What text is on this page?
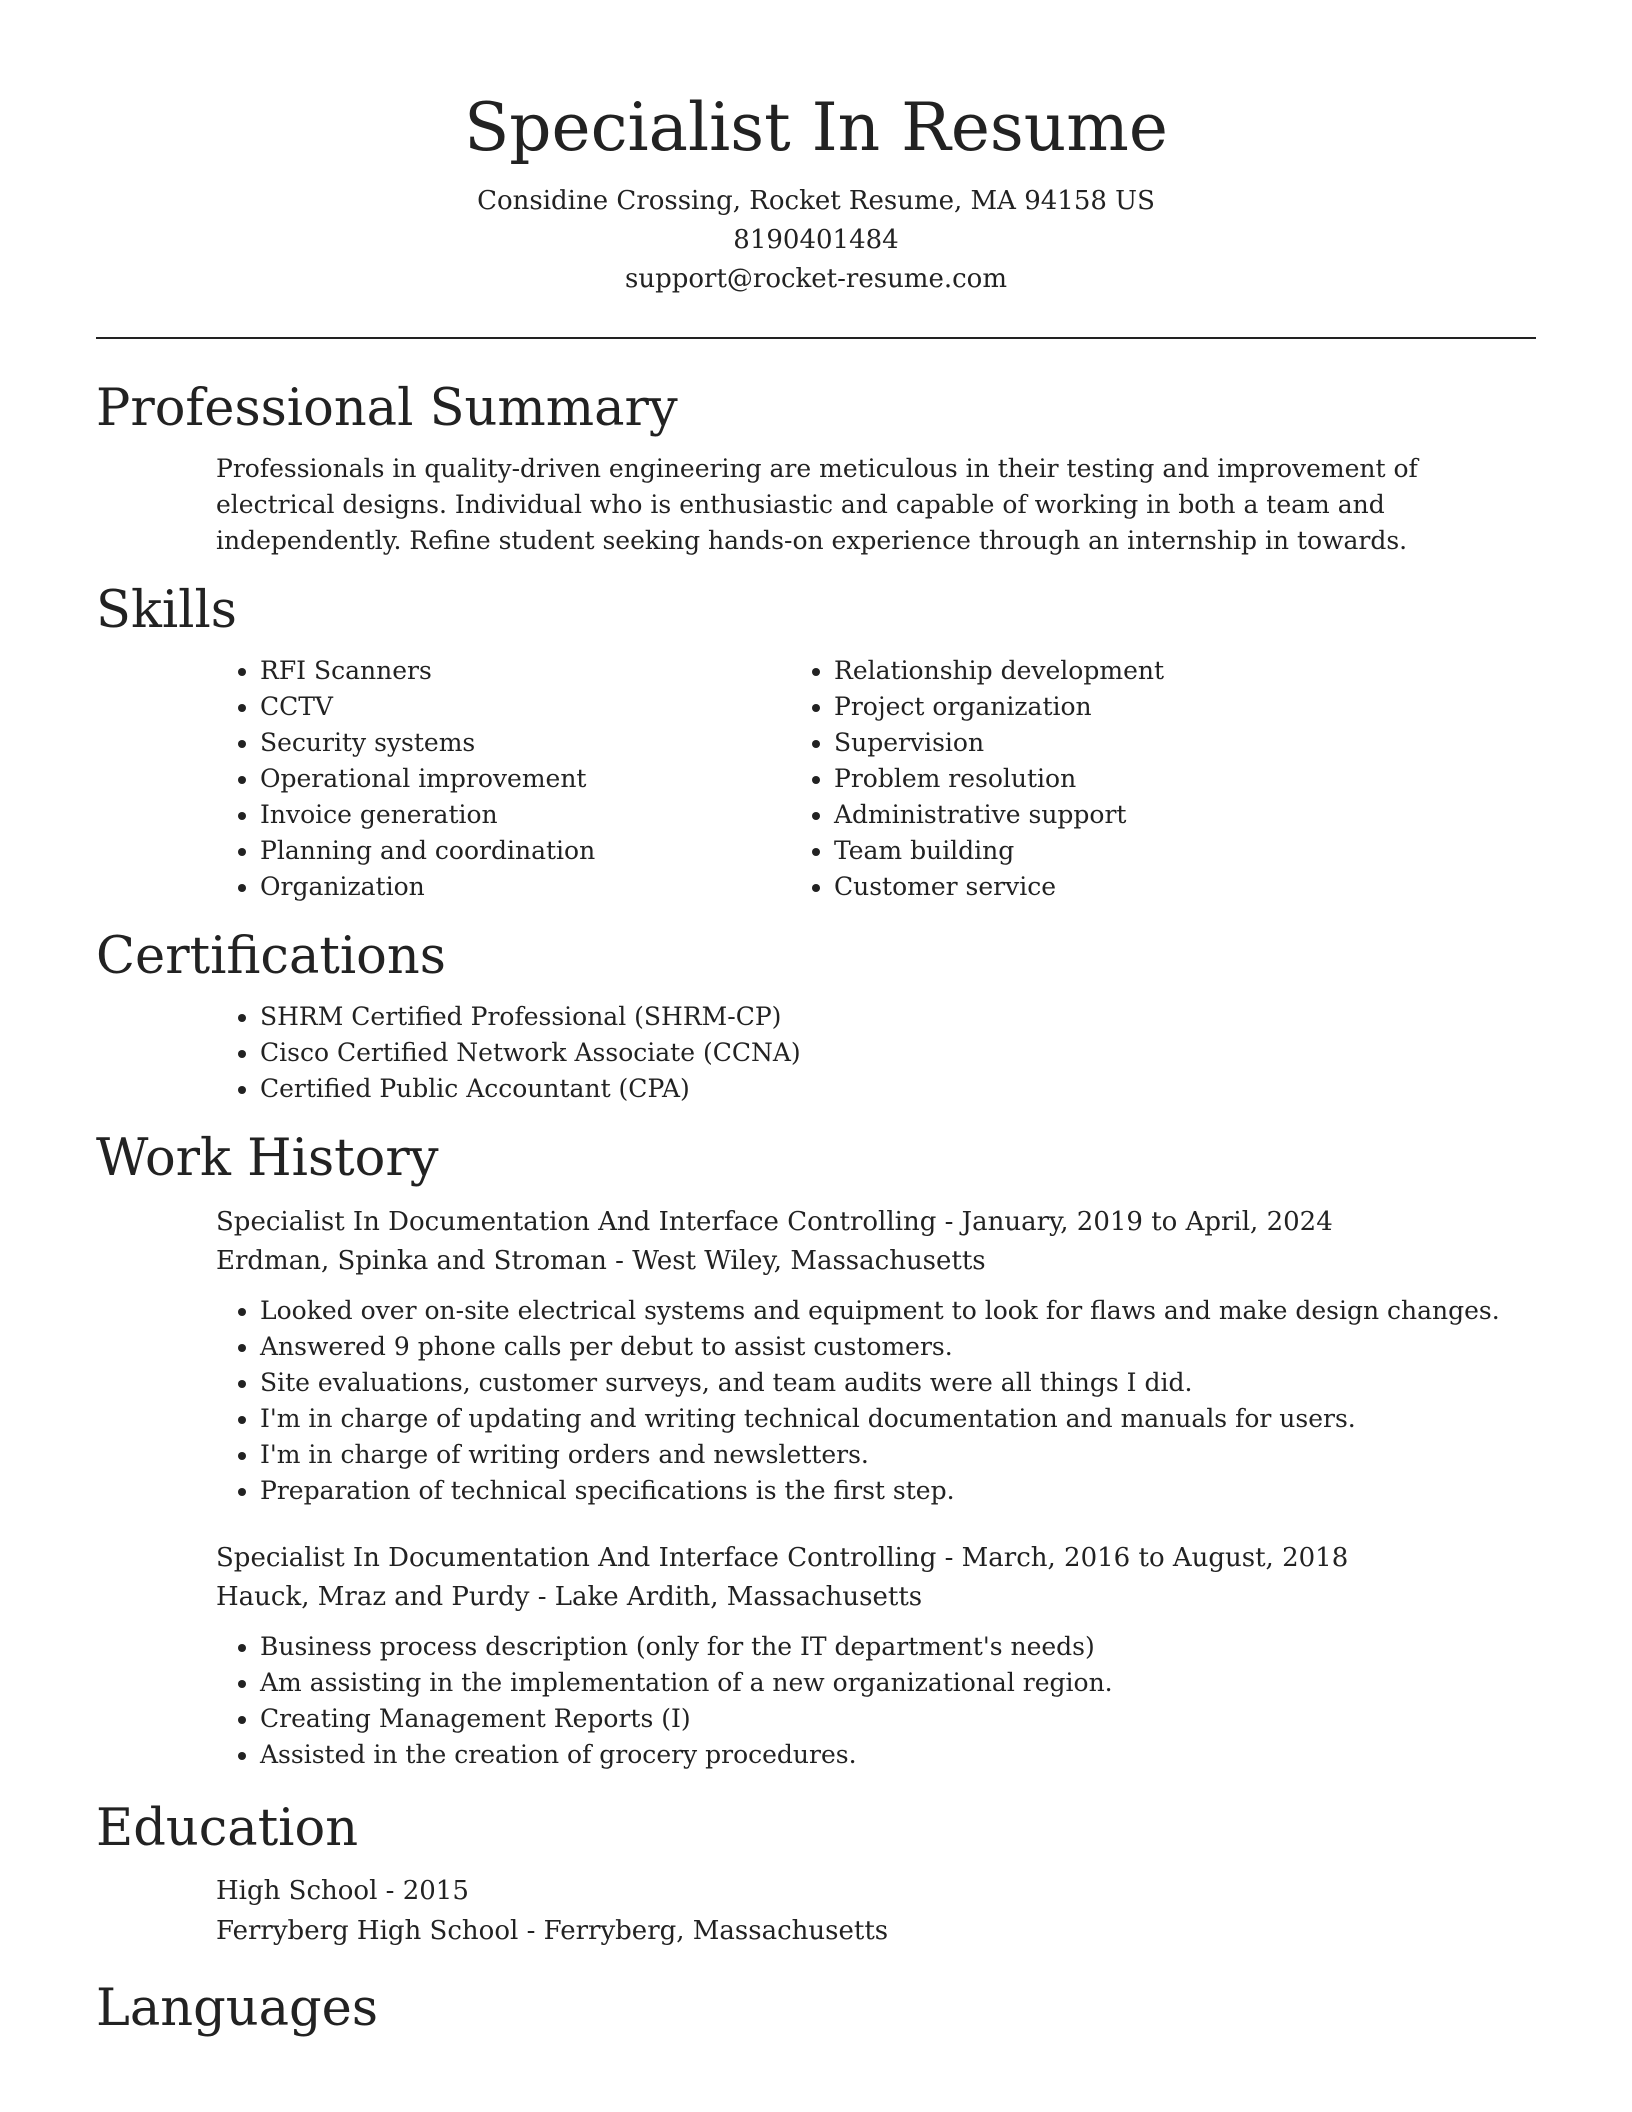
Specialist In Resume
Considine Crossing, Rocket Resume, MA 94158 US
8190401484
support@rocket-resume.com
Professional Summary
Professionals in quality-driven engineering are meticulous in their testing and improvement of electrical designs. Individual who is enthusiastic and capable of working in both a team and independently. Refine student seeking hands-on experience through an internship in towards.
Skills
• RFI Scanners
• CCTV
• Security systems
• Operational improvement
• Invoice generation
• Planning and coordination
• Organization
• Relationship development
• Project organization
• Supervision
• Problem resolution
• Administrative support
• Team building
• Customer service
Certifications
• SHRM Certified Professional (SHRM-CP)
• Cisco Certified Network Associate (CCNA)
• Certified Public Accountant (CPA)
Work History
Specialist In Documentation And Interface Controlling - January, 2019 to April, 2024
Erdman, Spinka and Stroman - West Wiley, Massachusetts
• Looked over on-site electrical systems and equipment to look for flaws and make design changes.
• Answered 9 phone calls per debut to assist customers.
• Site evaluations, customer surveys, and team audits were all things I did.
• I'm in charge of updating and writing technical documentation and manuals for users.
• I'm in charge of writing orders and newsletters.
• Preparation of technical specifications is the first step.
Specialist In Documentation And Interface Controlling - March, 2016 to August, 2018
Hauck, Mraz and Purdy - Lake Ardith, Massachusetts
• Business process description (only for the IT department's needs)
• Am assisting in the implementation of a new organizational region.
• Creating Management Reports (I)
• Assisted in the creation of grocery procedures.
Education
High School - 2015
Ferryberg High School - Ferryberg, Massachusetts
Languages
